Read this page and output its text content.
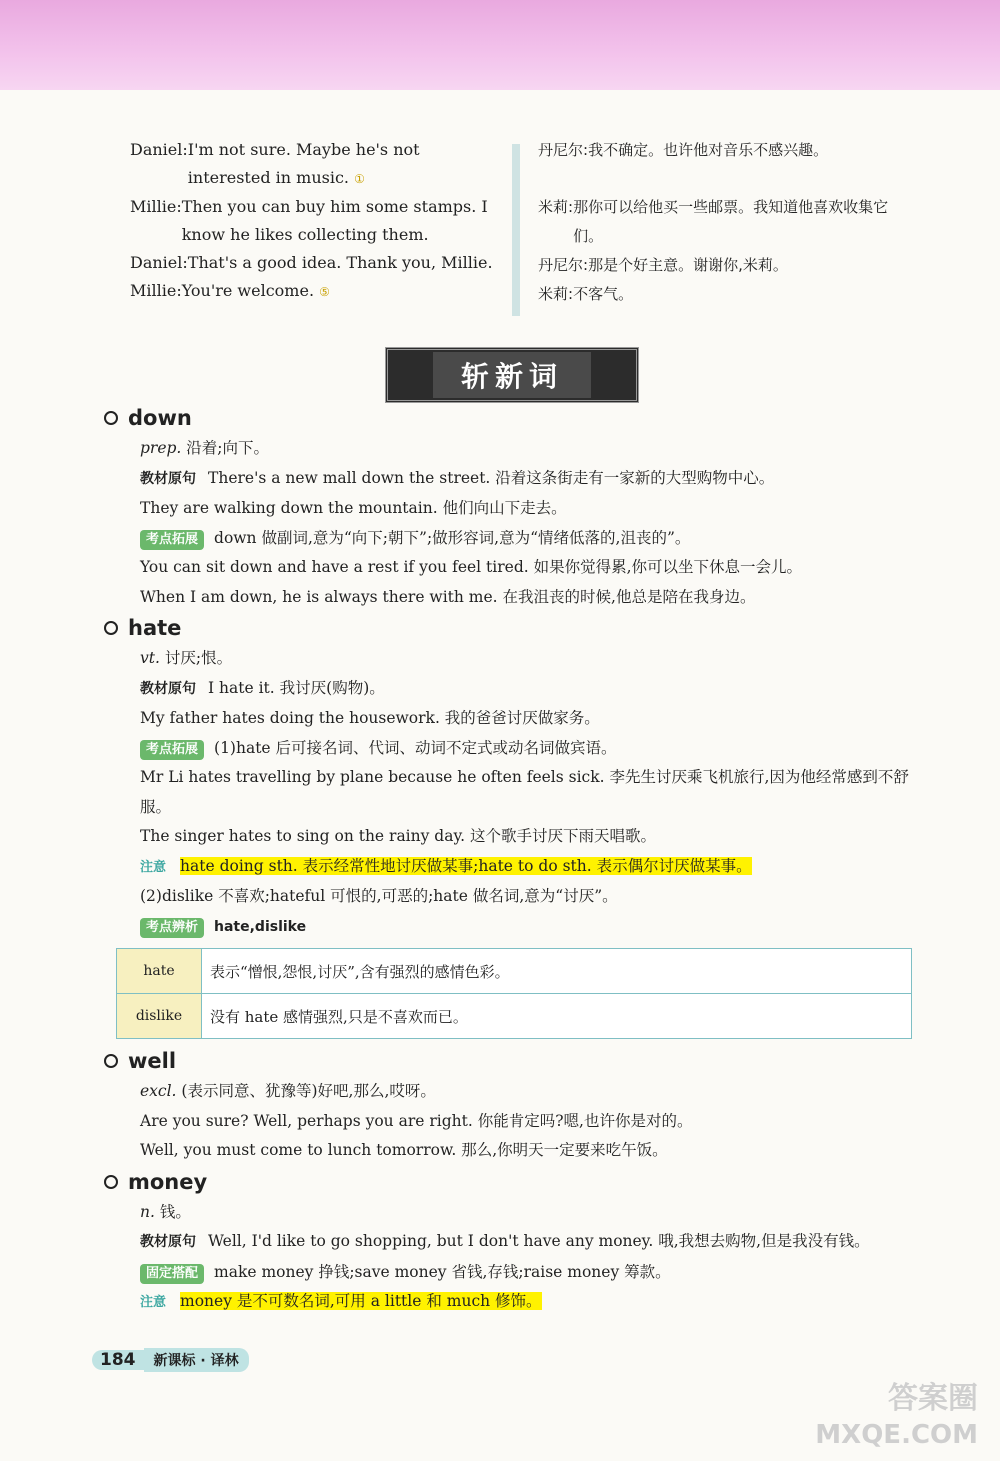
Daniel: I'm not sure. Maybe he's not interested in music. ①
Millie: Then you can buy him some stamps. I know he likes collecting them.
Daniel: That's a good idea. Thank you, Millie.
Millie: You're welcome. ⑤
丹尼尔: 我不确定。也许他对音乐不感兴趣。
米莉: 那你可以给他买一些邮票。我知道他喜欢收集它们。
丹尼尔: 那是个好主意。谢谢你,米莉。
米莉: 不客气。
斩新词
down
prep. 沿着;向下。
教材原句 There's a new mall down the street. 沿着这条街走有一家新的大型购物中心。
They are walking down the mountain. 他们向山下走去。
考点拓展 down 做副词,意为“向下;朝下”;做形容词,意为“情绪低落的,沮丧的”。
You can sit down and have a rest if you feel tired. 如果你觉得累,你可以坐下休息一会儿。
When I am down, he is always there with me. 在我沮丧的时候,他总是陪在我身边。
hate
vt. 讨厌;恨。
教材原句 I hate it. 我讨厌(购物)。
My father hates doing the housework. 我的爸爸讨厌做家务。
考点拓展 (1)hate 后可接名词、代词、动词不定式或动名词做宾语。
Mr Li hates travelling by plane because he often feels sick. 李先生讨厌乘飞机旅行,因为他经常感到不舒服。
The singer hates to sing on the rainy day. 这个歌手讨厌下雨天唱歌。
注意 hate doing sth. 表示经常性地讨厌做某事;hate to do sth. 表示偶尔讨厌做某事。
(2)dislike 不喜欢;hateful 可恨的,可恶的;hate 做名词,意为“讨厌”。
考点辨析 hate,dislike
hate	表示“憎恨,怨恨,讨厌”,含有强烈的感情色彩。
dislike	没有 hate 感情强烈,只是不喜欢而已。
well
excl. (表示同意、犹豫等)好吧,那么,哎呀。
Are you sure? Well, perhaps you are right. 你能肯定吗?嗯,也许你是对的。
Well, you must come to lunch tomorrow. 那么,你明天一定要来吃午饭。
money
n. 钱。
教材原句 Well, I'd like to go shopping, but I don't have any money. 哦,我想去购物,但是我没有钱。
固定搭配 make money 挣钱;save money 省钱,存钱;raise money 筹款。
注意 money 是不可数名词,可用 a little 和 much 修饰。
184	新课标 · 译林
答案圈
MXQE.COM
